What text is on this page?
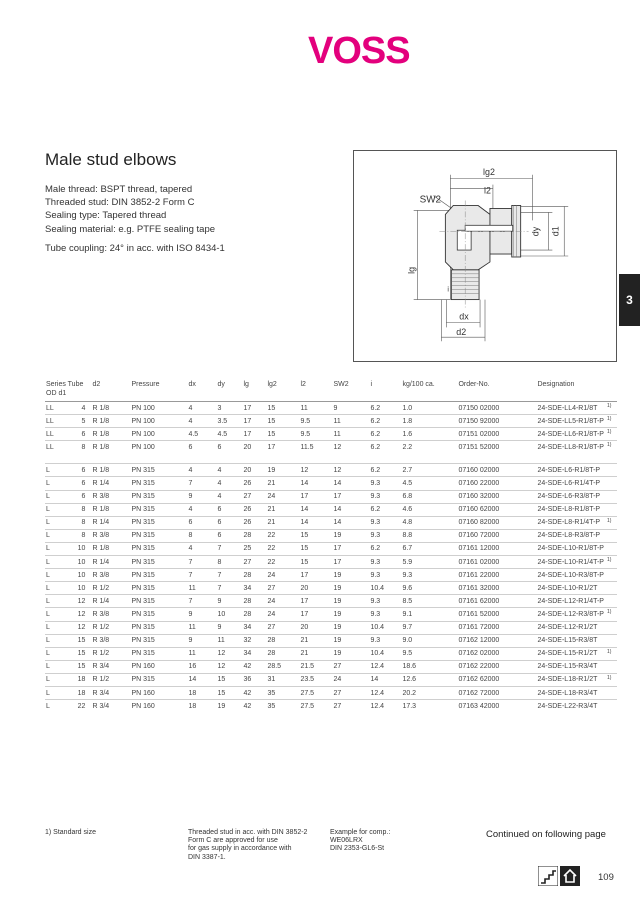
VOSS
3
Male stud elbows
Male thread: BSPT thread, tapered
Threaded stud: DIN 3852-2 Form C
Sealing type: Tapered thread
Sealing material: e.g. PTFE sealing tape
Tube coupling: 24° in acc. with ISO 8434-1
lg2
l2
SW2
dy d1
lg
i
dx
d2
Series Tube OD d1		d2	Pressure	dx	dy	lg	lg2	l2	SW2	i	kg/100 ca.	Order-No.	Designation	
LL	4	R 1/8	PN 100	4	3	17	15	11	9	6.2	1.0	07150 02000	24-SDE-LL4-R1/8T	1)
LL	5	R 1/8	PN 100	4	3.5	17	15	9.5	11	6.2	1.8	07150 92000	24-SDE-LL5-R1/8T-P	1)
LL	6	R 1/8	PN 100	4.5	4.5	17	15	9.5	11	6.2	1.6	07151 02000	24-SDE-LL6-R1/8T-P	1)
LL	8	R 1/8	PN 100	6	6	20	17	11.5	12	6.2	2.2	07151 52000	24-SDE-LL8-R1/8T-P	1)

L	6	R 1/8	PN 315	4	4	20	19	12	12	6.2	2.7	07160 02000	24-SDE-L6-R1/8T-P	
L	6	R 1/4	PN 315	7	4	26	21	14	14	9.3	4.5	07160 22000	24-SDE-L6-R1/4T-P	
L	6	R 3/8	PN 315	9	4	27	24	17	17	9.3	6.8	07160 32000	24-SDE-L6-R3/8T-P	
L	8	R 1/8	PN 315	4	6	26	21	14	14	6.2	4.6	07160 62000	24-SDE-L8-R1/8T-P	
L	8	R 1/4	PN 315	6	6	26	21	14	14	9.3	4.8	07160 82000	24-SDE-L8-R1/4T-P	1)
L	8	R 3/8	PN 315	8	6	28	22	15	19	9.3	8.8	07160 72000	24-SDE-L8-R3/8T-P	
L	10	R 1/8	PN 315	4	7	25	22	15	17	6.2	6.7	07161 12000	24-SDE-L10-R1/8T-P	
L	10	R 1/4	PN 315	7	8	27	22	15	17	9.3	5.9	07161 02000	24-SDE-L10-R1/4T-P	1)
L	10	R 3/8	PN 315	7	7	28	24	17	19	9.3	9.3	07161 22000	24-SDE-L10-R3/8T-P	
L	10	R 1/2	PN 315	11	7	34	27	20	19	10.4	9.6	07161 32000	24-SDE-L10-R1/2T	
L	12	R 1/4	PN 315	7	9	28	24	17	19	9.3	8.5	07161 62000	24-SDE-L12-R1/4T-P	
L	12	R 3/8	PN 315	9	10	28	24	17	19	9.3	9.1	07161 52000	24-SDE-L12-R3/8T-P	1)
L	12	R 1/2	PN 315	11	9	34	27	20	19	10.4	9.7	07161 72000	24-SDE-L12-R1/2T	
L	15	R 3/8	PN 315	9	11	32	28	21	19	9.3	9.0	07162 12000	24-SDE-L15-R3/8T	
L	15	R 1/2	PN 315	11	12	34	28	21	19	10.4	9.5	07162 02000	24-SDE-L15-R1/2T	1)
L	15	R 3/4	PN 160	16	12	42	28.5	21.5	27	12.4	18.6	07162 22000	24-SDE-L15-R3/4T	
L	18	R 1/2	PN 315	14	15	36	31	23.5	24	14	12.6	07162 62000	24-SDE-L18-R1/2T	1)
L	18	R 3/4	PN 160	18	15	42	35	27.5	27	12.4	20.2	07162 72000	24-SDE-L18-R3/4T	
L	22	R 3/4	PN 160	18	19	42	35	27.5	27	12.4	17.3	07163 42000	24-SDE-L22-R3/4T	
1) Standard size	Threaded stud in acc. with DIN 3852-2
Form C are approved for use
for gas supply in accordance with
DIN 3387-1.
Example for comp.:
WE06LRX
DIN 2353-GL6-St
Continued on following page
109
